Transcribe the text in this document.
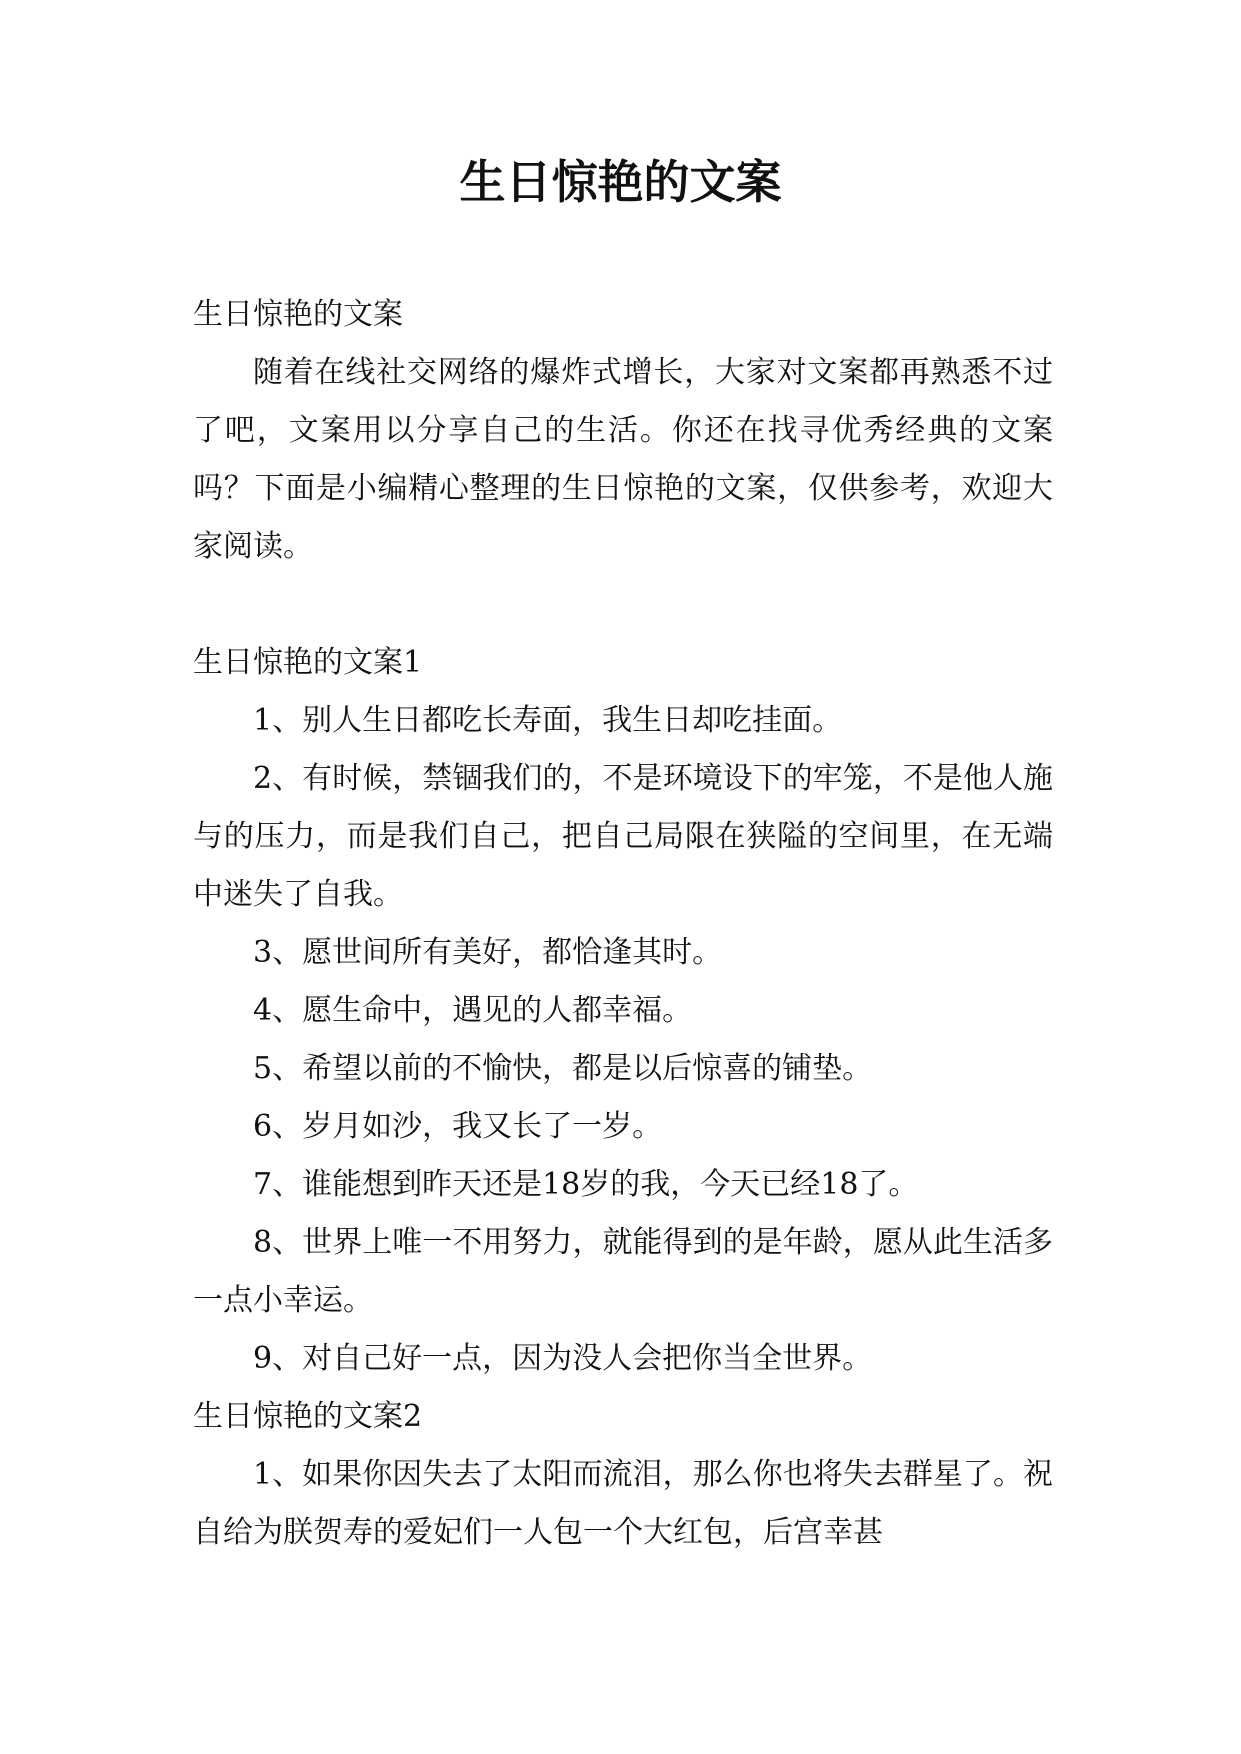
生日惊艳的文案

生日惊艳的文案

随着在线社交网络的爆炸式增长，大家对文案都再熟悉不过了吧，文案用以分享自己的生活。你还在找寻优秀经典的文案吗？下面是小编精心整理的生日惊艳的文案，仅供参考，欢迎大家阅读。

生日惊艳的文案1

1、别人生日都吃长寿面，我生日却吃挂面。

2、有时候，禁锢我们的，不是环境设下的牢笼，不是他人施与的压力，而是我们自己，把自己局限在狭隘的空间里，在无端中迷失了自我。

3、愿世间所有美好，都恰逢其时。

4、愿生命中，遇见的人都幸福。

5、希望以前的不愉快，都是以后惊喜的铺垫。

6、岁月如沙，我又长了一岁。

7、谁能想到昨天还是18岁的我，今天已经18了。

8、世界上唯一不用努力，就能得到的是年龄，愿从此生活多一点小幸运。

9、对自己好一点，因为没人会把你当全世界。

生日惊艳的文案2

1、如果你因失去了太阳而流泪，那么你也将失去群星了。祝自给为朕贺寿的爱妃们一人包一个大红包，后宫幸甚
